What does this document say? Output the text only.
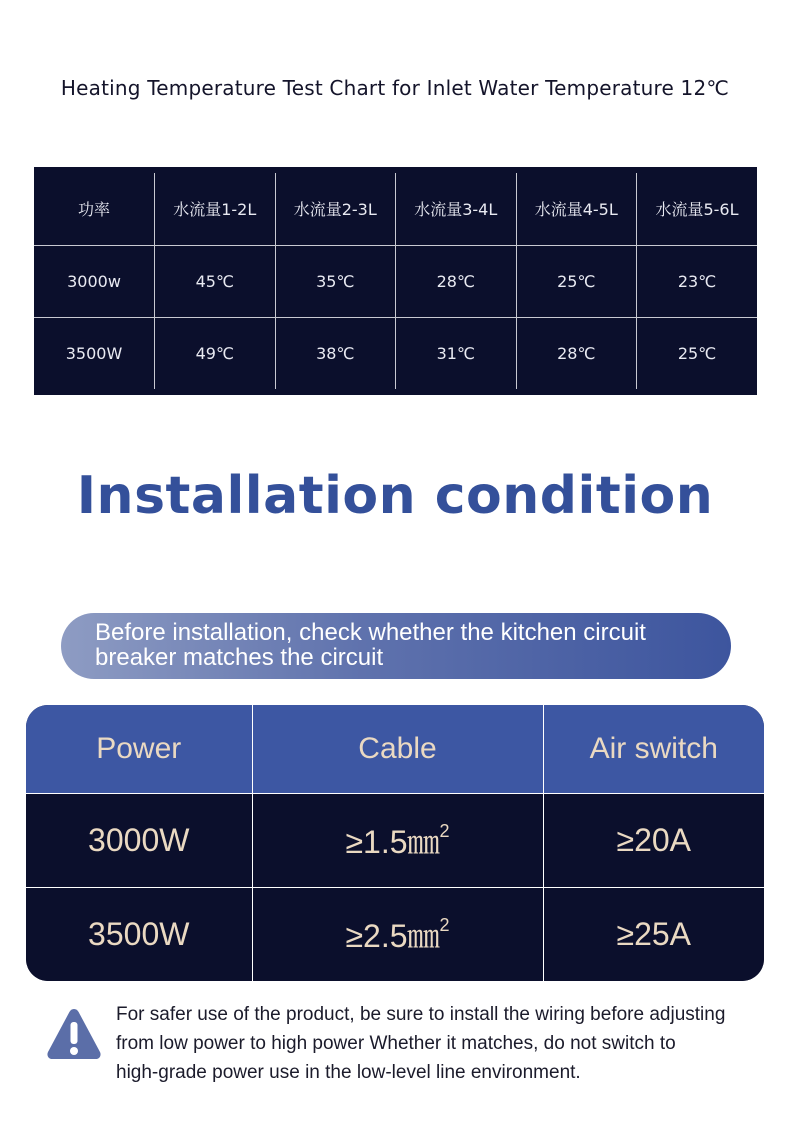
Heating Temperature Test Chart for Inlet Water Temperature 12℃
功率	水流量1-2L	水流量2-3L	水流量3-4L	水流量4-5L	水流量5-6L
3000w	45℃	35℃	28℃	25℃	23℃
3500W	49℃	38℃	31℃	28℃	25℃
Installation condition
Before installation, check whether the kitchen circuit
breaker matches the circuit
Power	Cable	Air switch
3000W	≥1.5㎜$^2$	≥20A
3500W	≥2.5㎜$^2$	≥25A
For safer use of the product, be sure to install the wiring before adjusting
from low power to high power Whether it matches, do not switch to
high-grade power use in the low-level line environment.
